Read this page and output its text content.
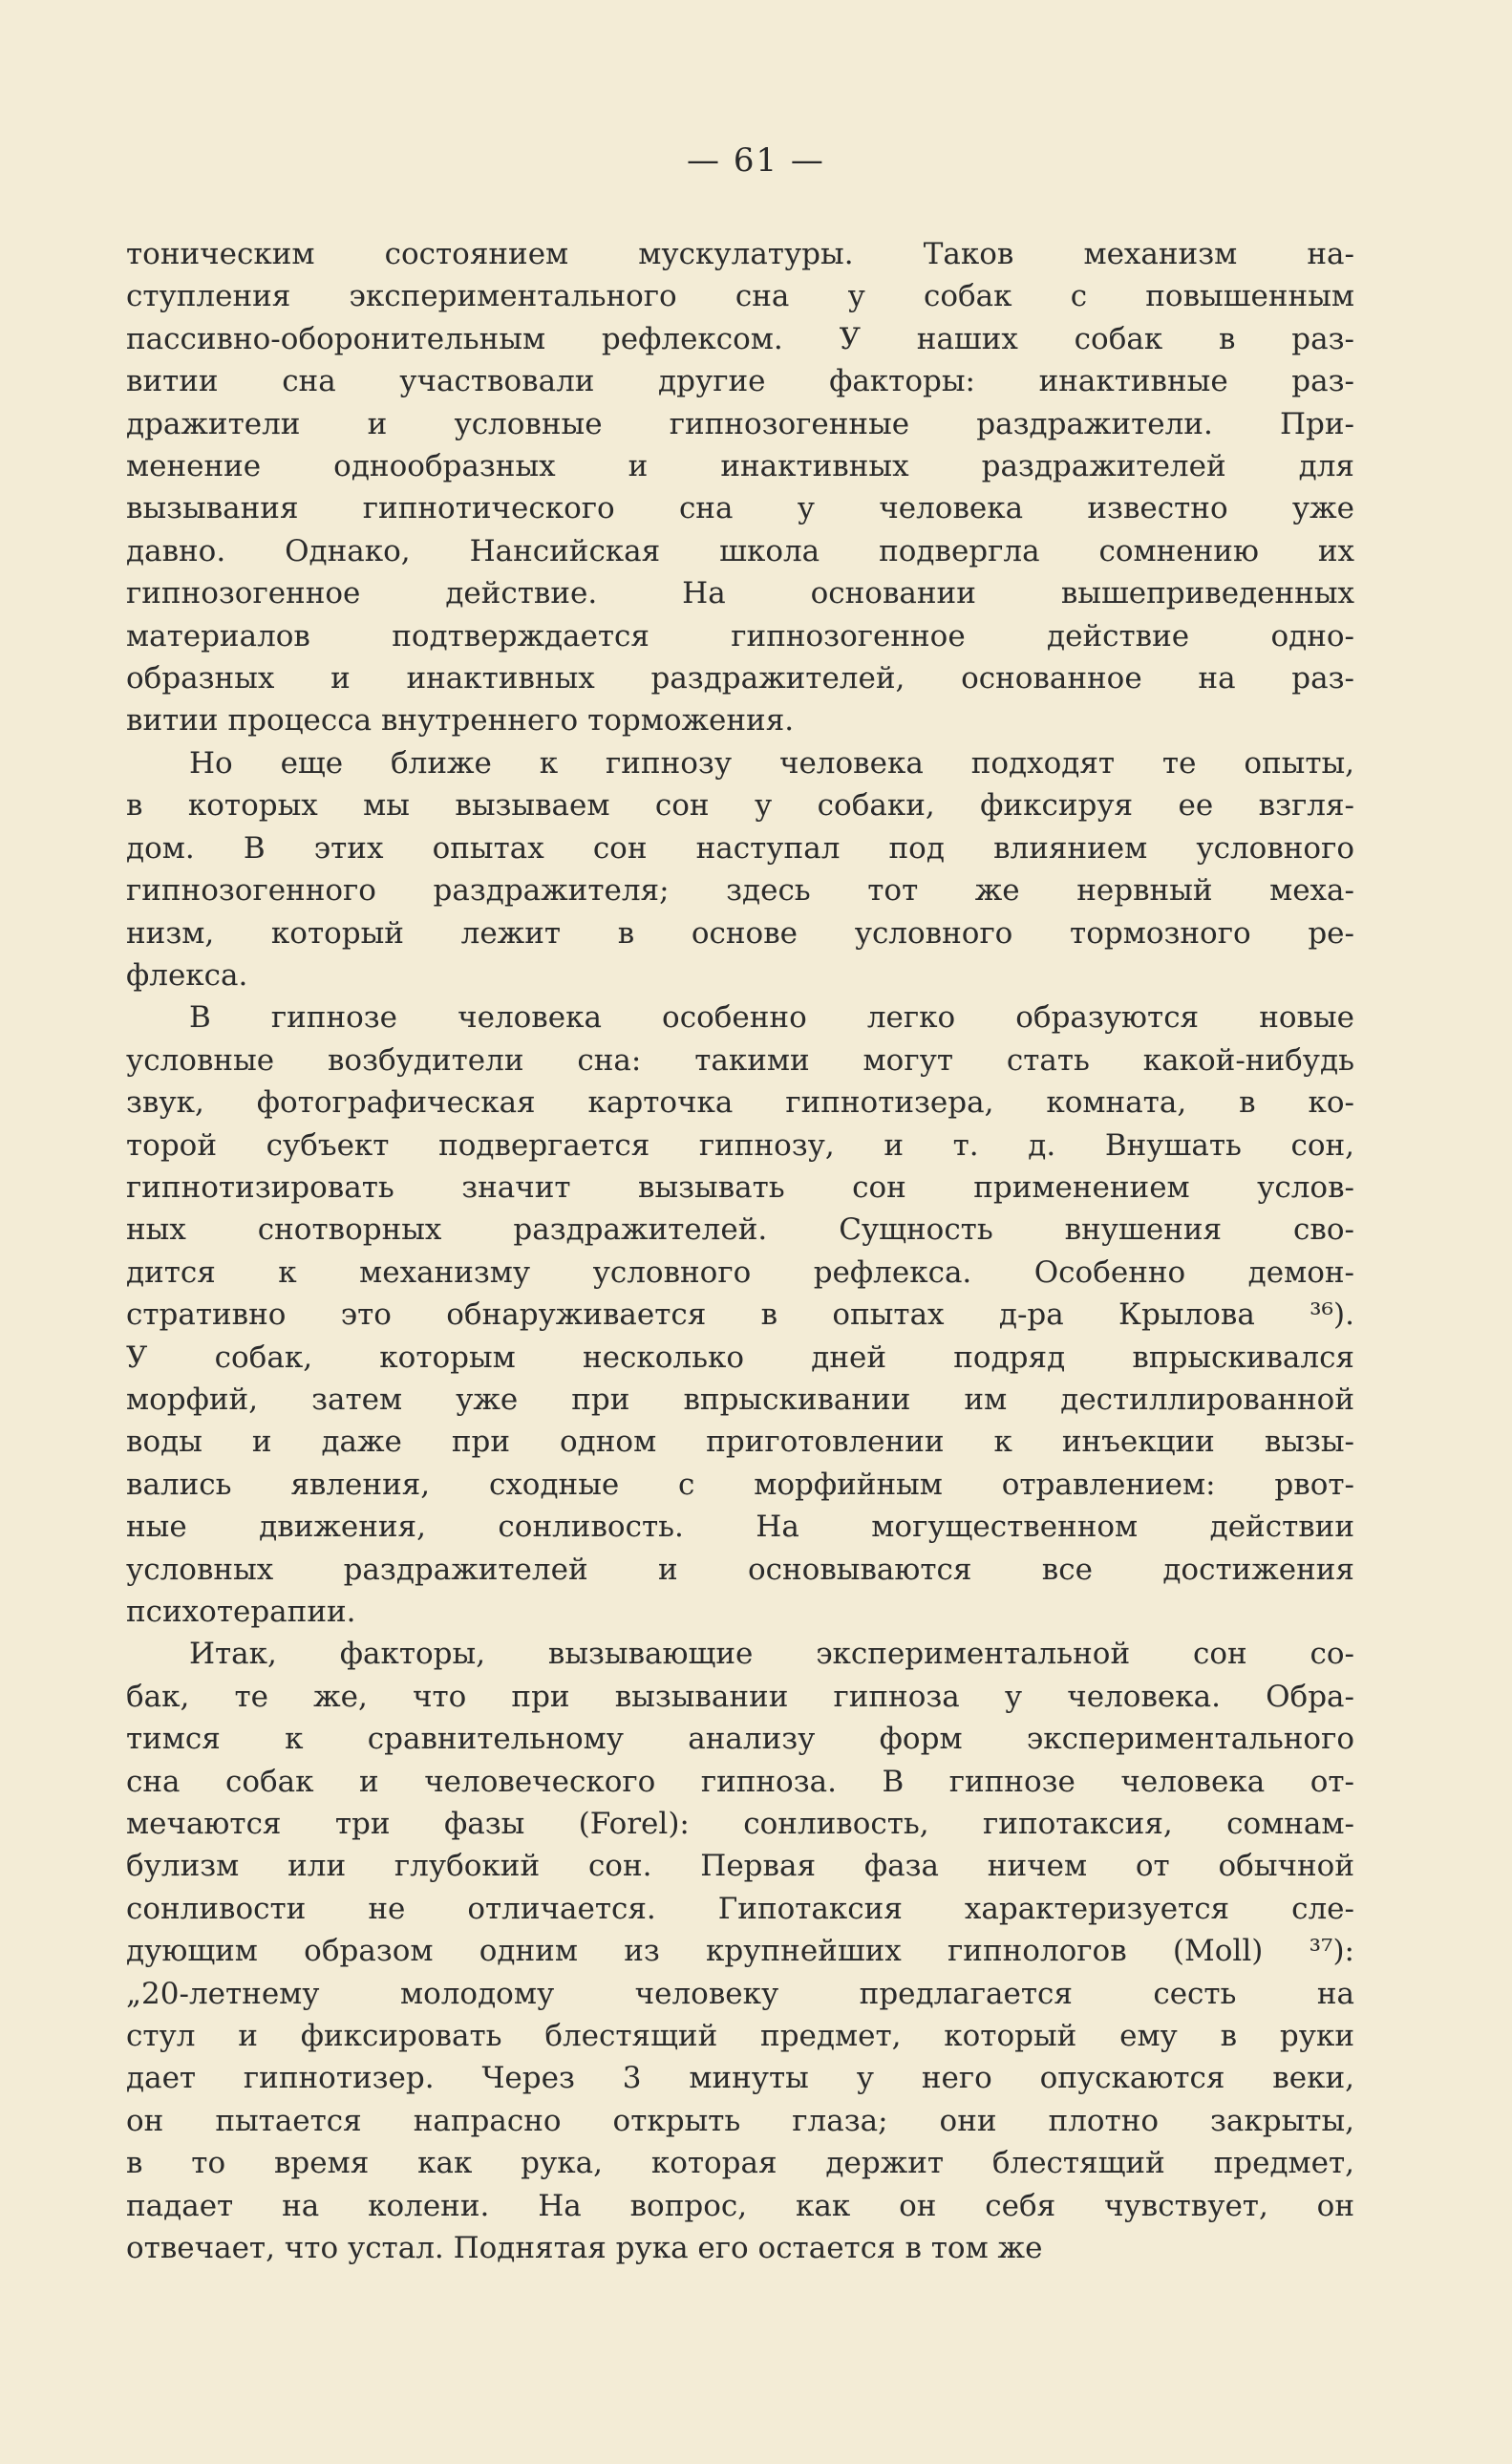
— 61 —

тоническим состоянием мускулатуры. Таков механизм на-
ступления экспериментального сна у собак с повышенным
пассивно-оборонительным рефлексом. У наших собак в раз-
витии сна участвовали другие факторы: инактивные раз-
дражители и условные гипнозогенные раздражители. При-
менение однообразных и инактивных раздражителей для
вызывания гипнотического сна у человека известно уже
давно. Однако, Нансийская школа подвергла сомнению их
гипнозогенное действие. На основании вышеприведенных
материалов подтверждается гипнозогенное действие одно-
образных и инактивных раздражителей, основанное на раз-
витии процесса внутреннего торможения.

Но еще ближе к гипнозу человека подходят те опыты,
в которых мы вызываем сон у собаки, фиксируя ее взгля-
дом. В этих опытах сон наступал под влиянием условного
гипнозогенного раздражителя; здесь тот же нервный меха-
низм, который лежит в основе условного тормозного ре-
флекса.

В гипнозе человека особенно легко образуются новые
условные возбудители сна: такими могут стать какой-нибудь
звук, фотографическая карточка гипнотизера, комната, в ко-
торой субъект подвергается гипнозу, и т. д. Внушать сон,
гипнотизировать значит вызывать сон применением услов-
ных снотворных раздражителей. Сущность внушения сво-
дится к механизму условного рефлекса. Особенно демон-
стративно это обнаруживается в опытах д-ра Крылова ³⁶).
У собак, которым несколько дней подряд впрыскивался
морфий, затем уже при впрыскивании им дестиллированной
воды и даже при одном приготовлении к инъекции вызы-
вались явления, сходные с морфийным отравлением: рвот-
ные движения, сонливость. На могущественном действии
условных раздражителей и основываются все достижения
психотерапии.

Итак, факторы, вызывающие экспериментальной сон со-
бак, те же, что при вызывании гипноза у человека. Обра-
тимся к сравнительному анализу форм экспериментального
сна собак и человеческого гипноза. В гипнозе человека от-
мечаются три фазы (Forel): сонливость, гипотаксия, сомнам-
булизм или глубокий сон. Первая фаза ничем от обычной
сонливости не отличается. Гипотаксия характеризуется сле-
дующим образом одним из крупнейших гипнологов (Moll) ³⁷):
„20-летнему молодому человеку предлагается сесть на
стул и фиксировать блестящий предмет, который ему в руки
дает гипнотизер. Через 3 минуты у него опускаются веки,
он пытается напрасно открыть глаза; они плотно закрыты,
в то время как рука, которая держит блестящий предмет,
падает на колени. На вопрос, как он себя чувствует, он
отвечает, что устал. Поднятая рука его остается в том же
